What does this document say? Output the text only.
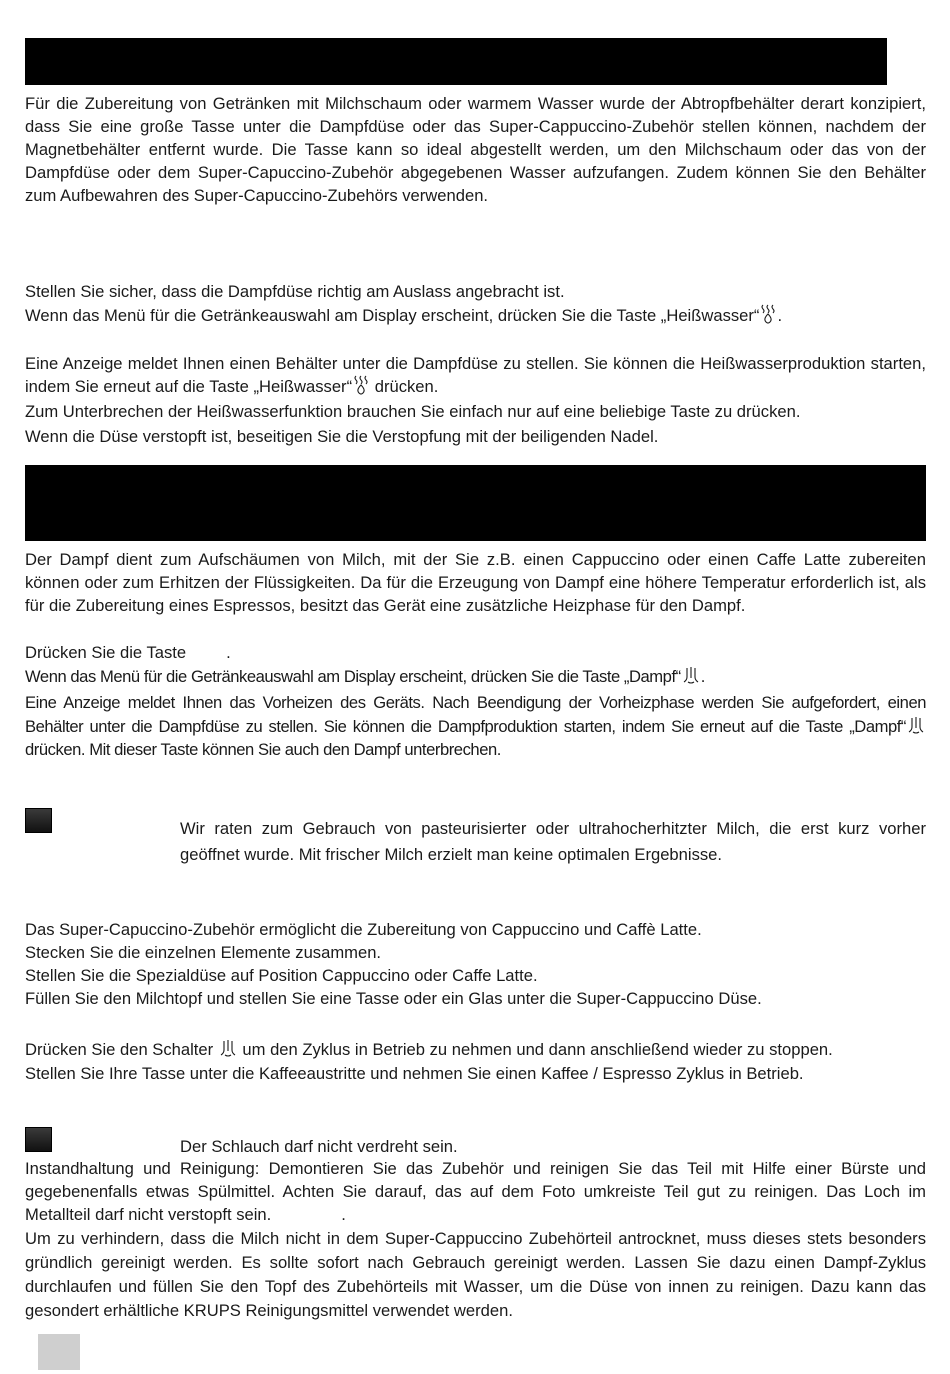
Für die Zubereitung von Getränken mit Milchschaum oder warmem Wasser wurde der Abtropfbehälter derart konzipiert, dass Sie eine große Tasse unter die Dampfdüse oder das Super-Cappuccino-Zubehör stellen können, nachdem der Magnetbehälter entfernt wurde. Die Tasse kann so ideal abgestellt werden, um den Milchschaum oder das von der Dampfdüse oder dem Super-Capuccino-Zubehör abgegebenen Wasser aufzufangen. Zudem können Sie den Behälter zum Aufbewahren des Super-Capuccino-Zubehörs verwenden.

Stellen Sie sicher, dass die Dampfdüse richtig am Auslass angebracht ist.

Wenn das Menü für die Getränkeauswahl am Display erscheint, drücken Sie die Taste „Heißwasser“ .

Eine Anzeige meldet Ihnen einen Behälter unter die Dampfdüse zu stellen. Sie können die Heißwasserproduktion starten, indem Sie erneut auf die Taste „Heißwasser“ drücken.

Zum Unterbrechen der Heißwasserfunktion brauchen Sie einfach nur auf eine beliebige Taste zu drücken.

Wenn die Düse verstopft ist, beseitigen Sie die Verstopfung mit der beiligenden Nadel.

Der Dampf dient zum Aufschäumen von Milch, mit der Sie z.B. einen Cappuccino oder einen Caffe Latte zubereiten können oder zum Erhitzen der Flüssigkeiten. Da für die Erzeugung von Dampf eine höhere Temperatur erforderlich ist, als für die Zubereitung eines Espressos, besitzt das Gerät eine zusätzliche Heizphase für den Dampf.

Drücken Sie die Taste .

Wenn das Menü für die Getränkeauswahl am Display erscheint, drücken Sie die Taste „Dampf“ .

Eine Anzeige meldet Ihnen das Vorheizen des Geräts. Nach Beendigung der Vorheizphase werden Sie aufgefordert, einen Behälter unter die Dampfdüse zu stellen. Sie können die Dampfproduktion starten, indem Sie erneut auf die Taste „Dampf“ drücken. Mit dieser Taste können Sie auch den Dampf unterbrechen.

Wir raten zum Gebrauch von pasteurisierter oder ultrahocherhitzter Milch, die erst kurz vorher geöffnet wurde. Mit frischer Milch erzielt man keine optimalen Ergebnisse.

Das Super-Capuccino-Zubehör ermöglicht die Zubereitung von Cappuccino und Caffè Latte.

Stecken Sie die einzelnen Elemente zusammen.

Stellen Sie die Spezialdüse auf Position Cappuccino oder Caffe Latte.

Füllen Sie den Milchtopf und stellen Sie eine Tasse oder ein Glas unter die Super-Cappuccino Düse.

Drücken Sie den Schalter  um den Zyklus in Betrieb zu nehmen und dann anschließend wieder zu stoppen.

Stellen Sie Ihre Tasse unter die Kaffeeaustritte und nehmen Sie einen Kaffee / Espresso Zyklus in Betrieb.

Der Schlauch darf nicht verdreht sein.

Instandhaltung und Reinigung: Demontieren Sie das Zubehör und reinigen Sie das Teil mit Hilfe einer Bürste und gegebenenfalls etwas Spülmittel. Achten Sie darauf, das auf dem Foto umkreiste Teil gut zu reinigen. Das Loch im Metallteil darf nicht verstopft sein.	.

Um zu verhindern, dass die Milch nicht in dem Super-Cappuccino Zubehörteil antrocknet, muss dieses stets besonders gründlich gereinigt werden. Es sollte sofort nach Gebrauch gereinigt werden. Lassen Sie dazu einen Dampf-Zyklus durchlaufen und füllen Sie den Topf des Zubehörteils mit Wasser, um die Düse von innen zu reinigen. Dazu kann das gesondert erhältliche KRUPS Reinigungsmittel verwendet werden.
